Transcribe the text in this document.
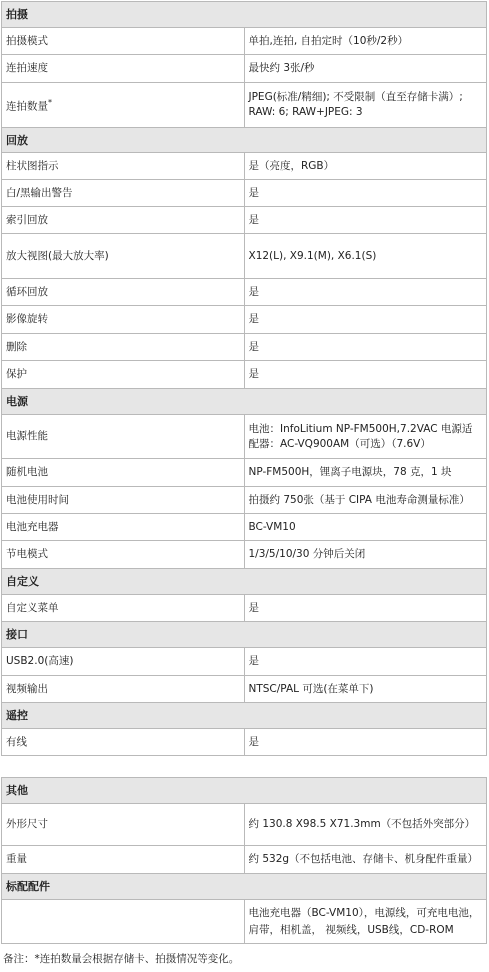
拍摄	
拍摄模式	单拍,连拍, 自拍定时（10秒/2秒）
连拍速度	最快约 3张/秒
连拍数量*	JPEG(标准/精细); 不受限制（直至存储卡满）; RAW: 6; RAW+JPEG: 3
回放	
柱状图指示	是（亮度，RGB）
白/黑输出警告	是
索引回放	是
放大视图(最大放大率)	X12(L), X9.1(M), X6.1(S)
循环回放	是
影像旋转	是
删除	是
保护	是
电源	
电源性能	电池：InfoLitium NP-FM500H,7.2VAC 电源适配器：AC-VQ900AM（可选）（7.6V）
随机电池	NP-FM500H，锂离子电源块，78 克，1 块
电池使用时间	拍摄约 750张（基于 CIPA 电池寿命测量标准）
电池充电器	BC-VM10
节电模式	1/3/5/10/30 分钟后关闭
自定义	
自定义菜单	是
接口	
USB2.0(高速)	是
视频输出	NTSC/PAL 可选(在菜单下)
遥控	
有线	是
其他	
外形尺寸	约 130.8 X98.5 X71.3mm（不包括外突部分）
重量	约 532g（不包括电池、存储卡、机身配件重量）
标配配件	
	电池充电器（BC-VM10），电源线，可充电电池，肩带，相机盖， 视频线，USB线，CD-ROM
备注：*连拍数量会根据存储卡、拍摄情况等变化。
